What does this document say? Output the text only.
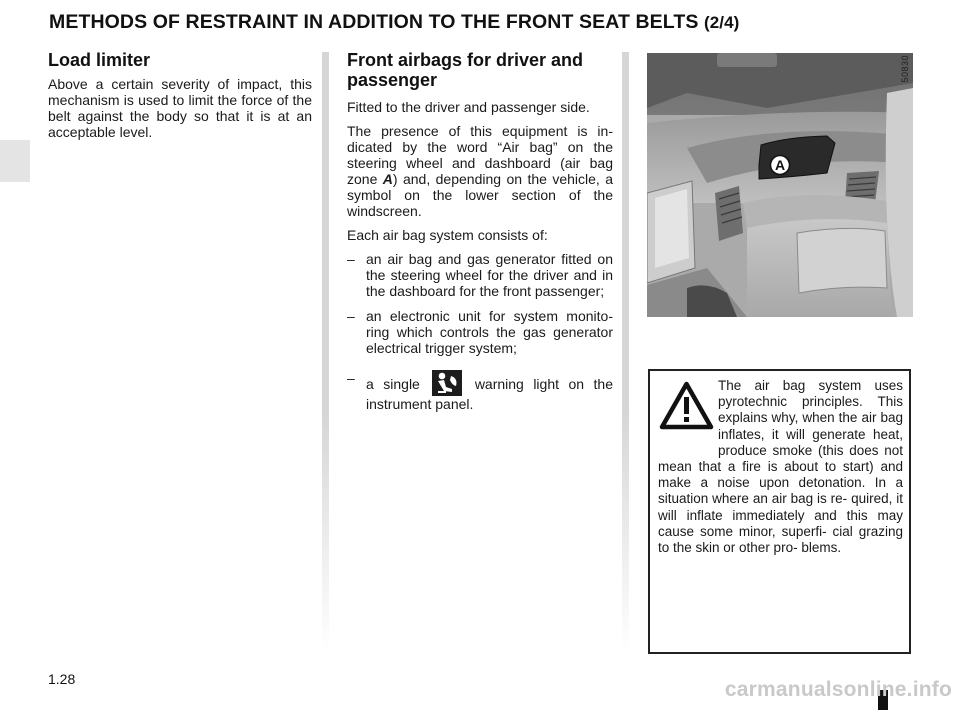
METHODS OF RESTRAINT IN ADDITION TO THE FRONT SEAT BELTS (2/4)
Load limiter

Above a certain severity of impact, this mechanism is used to limit the force of the belt against the body so that it is at an acceptable level.

Front airbags for driver and passenger

Fitted to the driver and passenger side.

The presence of this equipment is in- dicated by the word “Air bag” on the steering wheel and dashboard (air bag zone A) and, depending on the vehicle, a symbol on the lower section of the windscreen.

Each air bag system consists of:

– an air bag and gas generator fitted on the steering wheel for the driver and in the dashboard for the front passenger;
– an electronic unit for system monito- ring which controls the gas generator electrical trigger system;
– a single	warning light on the instrument panel.
A
50830
The air bag system uses pyrotechnic principles. This explains why, when the air bag inflates, it will generate heat, produce smoke (this does not mean that a fire is about to start) and make a noise upon detonation. In a situation where an air bag is re- quired, it will inflate immediately and this may cause some minor, superfi- cial grazing to the skin or other pro- blems.
1.28	carmanualsonline.info
